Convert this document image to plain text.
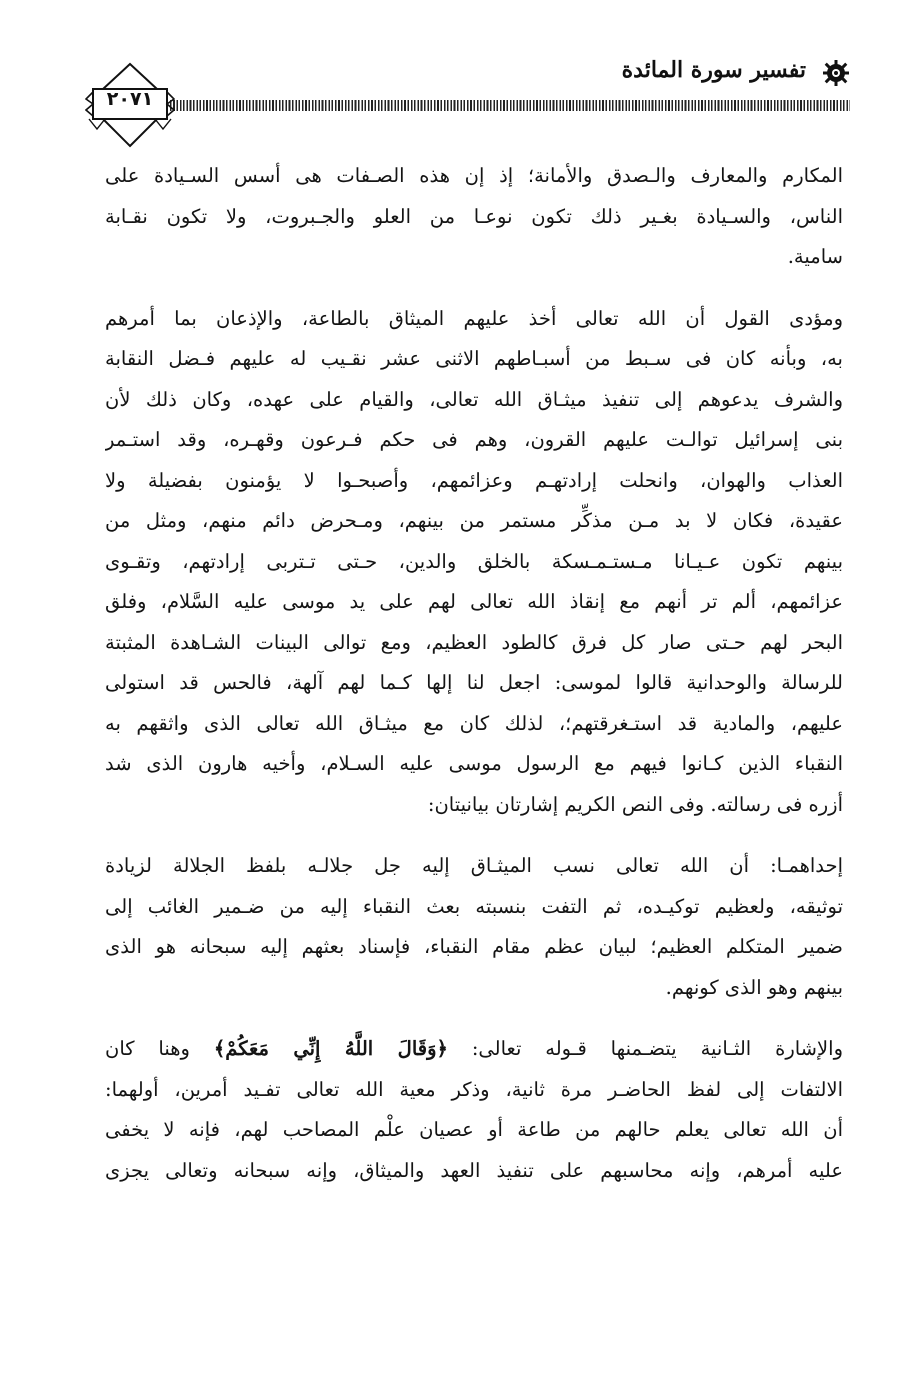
تفسير سورة المائدة
٢٠٧١
المكارم والمعارف والـصدق والأمانة؛ إذ إن هذه الصـفات هى أسس السـيادة على
الناس، والسـيادة بغـير ذلك تكون نوعـا من العلو والجـبروت، ولا تكون نقـابة
سامية.
ومؤدى القول أن الله تعالى أخذ عليهم الميثاق بالطاعة، والإذعان بما أمرهم
به، وبأنه كان فى سـبط من أسبـاطهم الاثنى عشر نقـيب له عليهم فـضل النقابة
والشرف يدعوهم إلى تنفيذ ميثـاق الله تعالى، والقيام على عهده، وكان ذلك لأن
بنى إسرائيل توالـت عليهم القرون، وهم فى حكم فـرعون وقهـره، وقد استـمر
العذاب والهوان، وانحلت إرادتهـم وعزائمهم، وأصبحـوا لا يؤمنون بفضيلة ولا
عقيدة، فكان لا بد مـن مذكِّر مستمر من بينهم، ومـحرض دائم منهم، ومثل من
بينهم تكون عـيـانا مـستـمـسكة بالخلق والدين، حـتى تـتربى إرادتهم، وتقـوى
عزائمهم، ألم تر أنهم مع إنقاذ الله تعالى لهم على يد موسى عليه السَّلام، وفلق
البحر لهم حـتى صار كل فرق كالطود العظيم، ومع توالى البينات الشـاهدة المثبتة
للرسالة والوحدانية قالوا لموسى: اجعل لنا إلها كـما لهم آلهة، فالحس قد استولى
عليهم، والمادية قد استـغرقتهم؛، لذلك كان مع ميثـاق الله تعالى الذى واثقهم به
النقباء الذين كـانوا فيهم مع الرسول موسى عليه السـلام، وأخيه هارون الذى شد
أزره فى رسالته. وفى النص الكريم إشارتان بيانيتان:
إحداهمـا: أن الله تعالى نسب الميثـاق إليه جل جلالـه بلفظ الجلالة لزيادة
توثيقه، ولعظيم توكيـده، ثم التفت بنسبته بعث النقباء إليه من ضـمير الغائب إلى
ضمير المتكلم العظيم؛ لبيان عظم مقام النقباء، فإسناد بعثهم إليه سبحانه هو الذى
بينهم وهو الذى كونهم.
والإشارة الثـانية يتضـمنها قـوله تعالى: ﴿وَقَالَ اللَّهُ إِنِّي مَعَكُمْ﴾ وهنا كان
الالتفات إلى لفظ الحاضـر مرة ثانية، وذكر معية الله تعالى تفـيد أمرين، أولهما:
أن الله تعالى يعلم حالهم من طاعة أو عصيان علْم المصاحب لهم، فإنه لا يخفى
عليه أمرهم، وإنه محاسبهم على تنفيذ العهد والميثاق، وإنه سبحانه وتعالى يجزى
